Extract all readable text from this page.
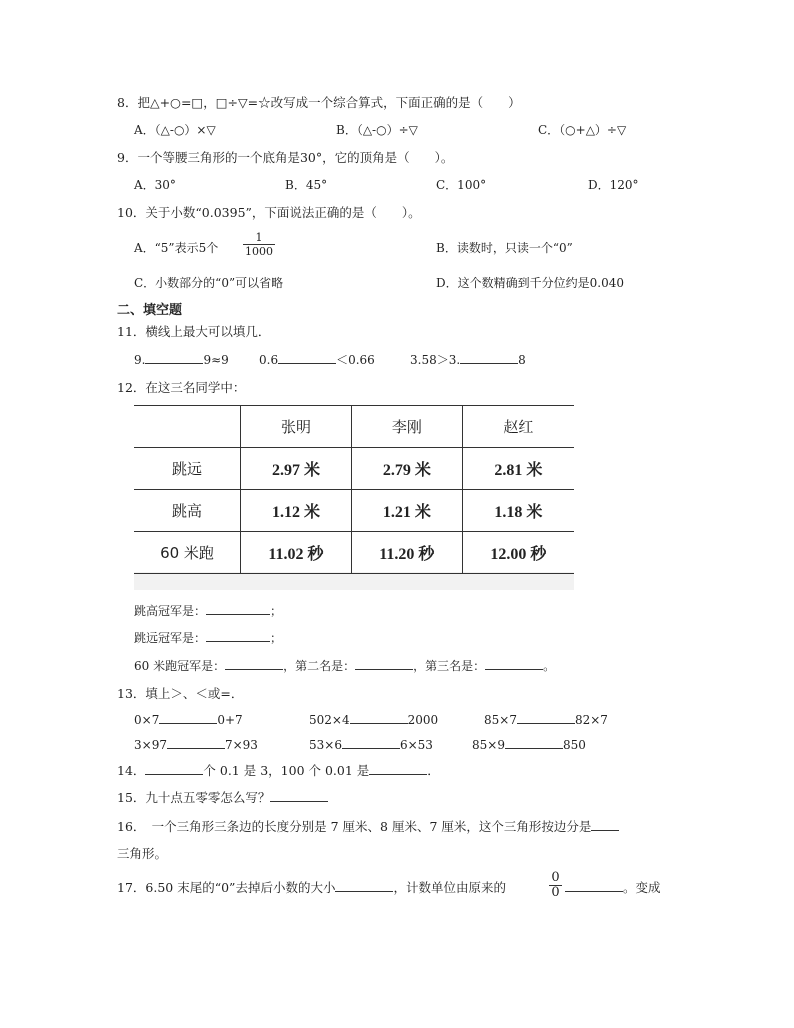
8．把△+○=□，□÷▽=☆改写成一个综合算式，下面正确的是（　　）
A．（△-○）×▽	B．（△-○）÷▽	C．（○+△）÷▽
9．一个等腰三角形的一个底角是30°，它的顶角是（　　）。
A．30°	B．45°	C．100°	D．120°
10．关于小数“0.0395”，下面说法正确的是（　　）。
A．“5”表示5个 $\frac{1}{1000}$	B．读数时，只读一个“0”
C．小数部分的“0”可以省略	D．这个数精确到千分位约是0.040
二、填空题
11．横线上最大可以填几．
9.	9≈9	0.6	＜0.66	3.58＞3.	8
12．在这三名同学中：
	张明	李刚	赵红
跳远	2.97 米	2.79 米	2.81 米
跳高	1.12 米	1.21 米	1.18 米
60 米跑	11.02 秒	11.20 秒	12.00 秒
跳高冠军是：	；
跳远冠军是：	；
60 米跑冠军是：	，第二名是：	，第三名是：	。
13．填上＞、＜或=．
0×7	0+7	502×4	2000	85×7	82×7
3×97	7×93	53×6	6×53	85×9	850
14．	个 0.1 是 3，100 个 0.01 是	．
15．九十点五零零怎么写？
16．　一个三角形三条边的长度分别是 7 厘米、8 厘米、7 厘米，这个三角形按边分是
三角形。
17．6.50 末尾的“0”去掉后小数的大小	，计数单位由原来的	$\frac{0}{0}$	。变成
